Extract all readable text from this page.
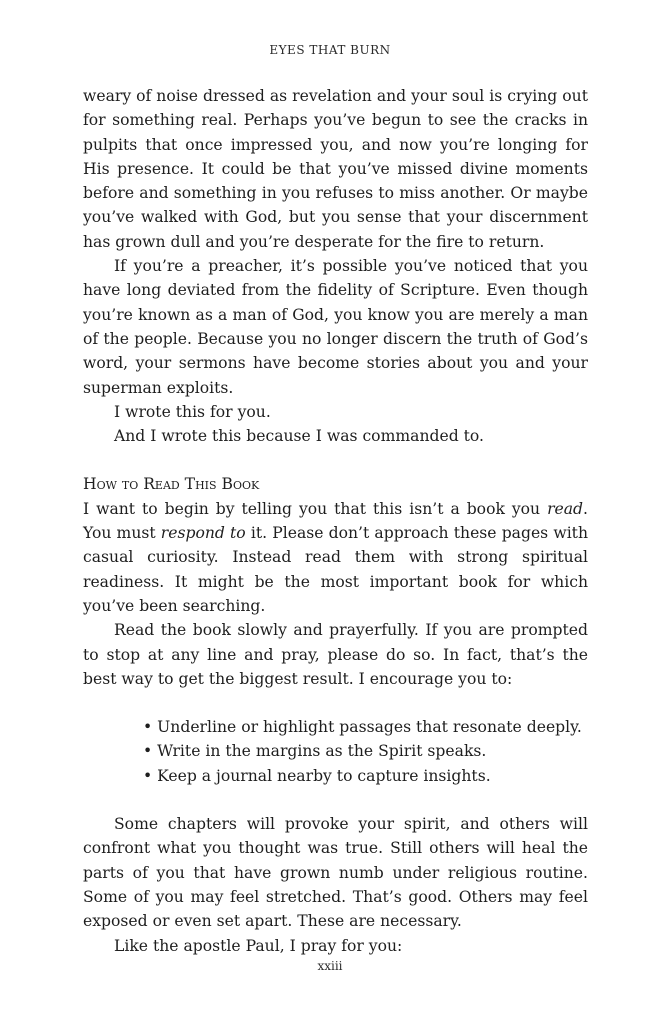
EYES THAT BURN

weary of noise dressed as revelation and your soul is crying out for something real. Perhaps you’ve begun to see the cracks in pulpits that once impressed you, and now you’re longing for His presence. It could be that you’ve missed divine moments before and something in you refuses to miss another. Or maybe you’ve walked with God, but you sense that your discernment has grown dull and you’re desperate for the fire to return.

If you’re a preacher, it’s possible you’ve noticed that you have long deviated from the fidelity of Scripture. Even though you’re known as a man of God, you know you are merely a man of the people. Because you no longer discern the truth of God’s word, your sermons have become stories about you and your superman exploits.

I wrote this for you.

And I wrote this because I was commanded to.

How to Read This Book

I want to begin by telling you that this isn’t a book you read. You must respond to it. Please don’t approach these pages with casual curiosity. Instead read them with strong spiritual readiness. It might be the most important book for which you’ve been searching.

Read the book slowly and prayerfully. If you are prompted to stop at any line and pray, please do so. In fact, that’s the best way to get the biggest result. I encourage you to:

• Underline or highlight passages that resonate deeply.
• Write in the margins as the Spirit speaks.
• Keep a journal nearby to capture insights.

Some chapters will provoke your spirit, and others will confront what you thought was true. Still others will heal the parts of you that have grown numb under religious routine. Some of you may feel stretched. That’s good. Others may feel exposed or even set apart. These are necessary.

Like the apostle Paul, I pray for you:

xxiii
